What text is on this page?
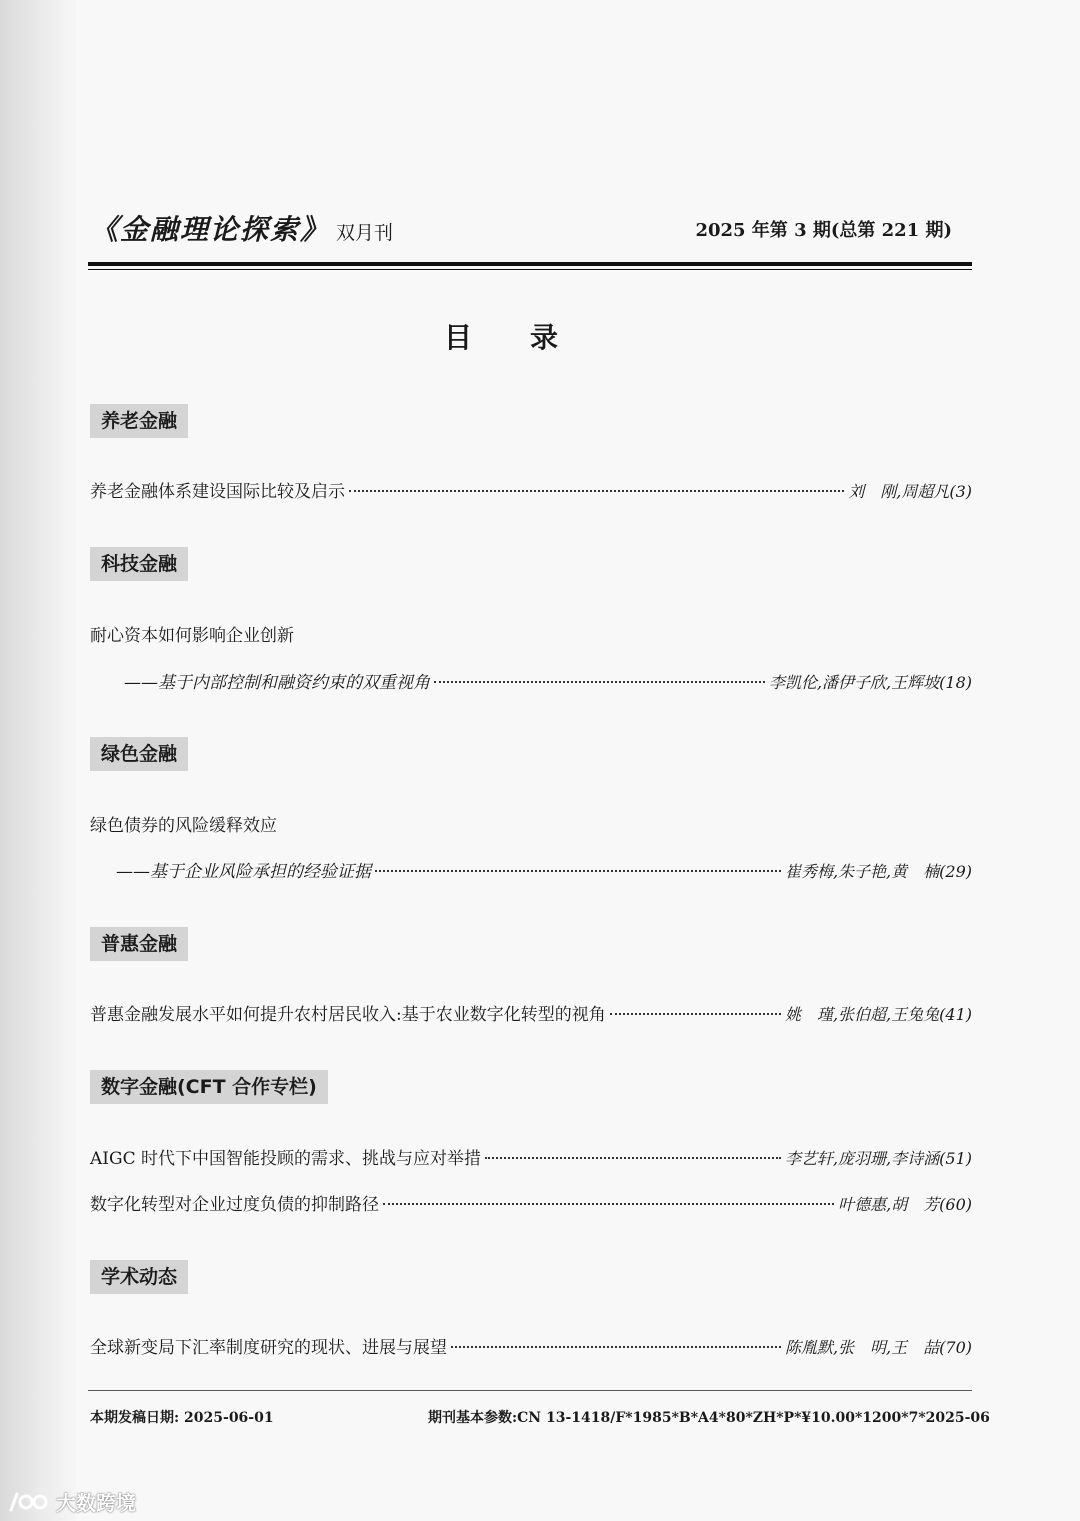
《金融理论探索》 双月刊	2025 年第 3 期(总第 221 期)
目录
养老金融
养老金融体系建设国际比较及启示	刘　刚,周超凡(3)
科技金融
耐心资本如何影响企业创新
——基于内部控制和融资约束的双重视角	李凯伦,潘伊子欣,王辉坡(18)
绿色金融
绿色债券的风险缓释效应
——基于企业风险承担的经验证据	崔秀梅,朱子艳,黄　楠(29)
普惠金融
普惠金融发展水平如何提升农村居民收入:基于农业数字化转型的视角	姚　瑾,张伯超,王兔兔(41)
数字金融(CFT 合作专栏)
AIGC 时代下中国智能投顾的需求、挑战与应对举措	李艺轩,庞羽珊,李诗涵(51)
数字化转型对企业过度负债的抑制路径	叶德惠,胡　芳(60)
学术动态
全球新变局下汇率制度研究的现状、进展与展望	陈胤默,张　明,王　喆(70)
本期发稿日期: 2025-06-01	期刊基本参数:CN 13-1418/F*1985*B*A4*80*ZH*P*¥10.00*1200*7*2025-06
大数跨境
